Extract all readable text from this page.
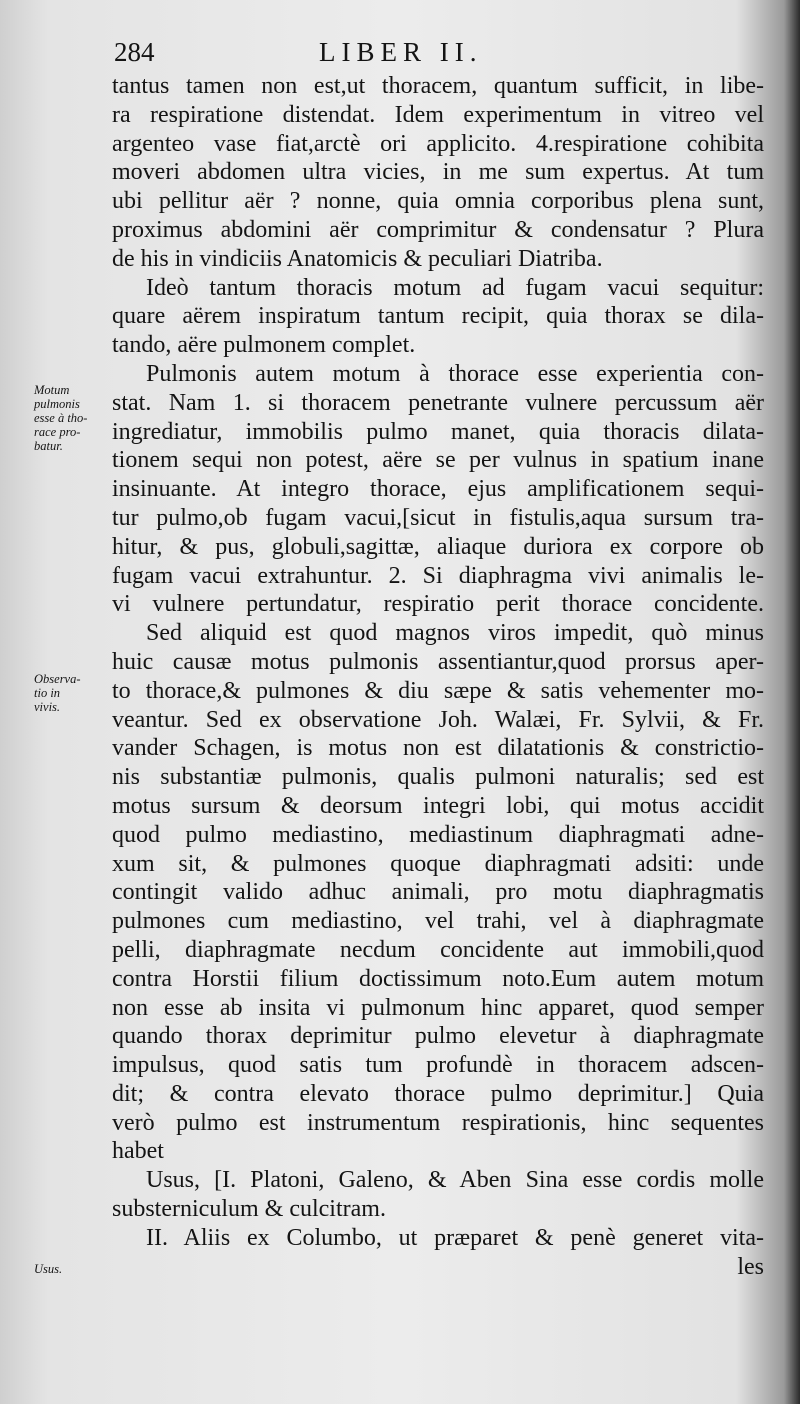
284	LIBER II.
Motum
pulmonis
esse à tho-
race pro-
batur.
Observa-
tio in
vivis.
Usus.
tantus tamen non est,ut thoracem, quantum sufficit, in libe-
ra respiratione distendat. Idem experimentum in vitreo vel
argenteo vase fiat,arctè ori applicito. 4.respiratione cohibita
moveri abdomen ultra vicies, in me sum expertus. At tum
ubi pellitur aër ? nonne, quia omnia corporibus plena sunt,
proximus abdomini aër comprimitur & condensatur ? Plura
de his in vindiciis Anatomicis & peculiari Diatriba.
Ideò tantum thoracis motum ad fugam vacui sequitur:
quare aërem inspiratum tantum recipit, quia thorax se dila-
tando, aëre pulmonem complet.
Pulmonis autem motum à thorace esse experientia con-
stat. Nam 1. si thoracem penetrante vulnere percussum aër
ingrediatur, immobilis pulmo manet, quia thoracis dilata-
tionem sequi non potest, aëre se per vulnus in spatium inane
insinuante. At integro thorace, ejus amplificationem sequi-
tur pulmo,ob fugam vacui,[sicut in fistulis,aqua sursum tra-
hitur, & pus, globuli,sagittæ, aliaque duriora ex corpore ob
fugam vacui extrahuntur. 2. Si diaphragma vivi animalis le-
vi vulnere pertundatur, respiratio perit thorace concidente.
Sed aliquid est quod magnos viros impedit, quò minus
huic causæ motus pulmonis assentiantur,quod prorsus aper-
to thorace,& pulmones & diu sæpe & satis vehementer mo-
veantur. Sed ex observatione Joh. Walæi, Fr. Sylvii, & Fr.
vander Schagen, is motus non est dilatationis & constrictio-
nis substantiæ pulmonis, qualis pulmoni naturalis; sed est
motus sursum & deorsum integri lobi, qui motus accidit
quod pulmo mediastino, mediastinum diaphragmati adne-
xum sit, & pulmones quoque diaphragmati adsiti: unde
contingit valido adhuc animali, pro motu diaphragmatis
pulmones cum mediastino, vel trahi, vel à diaphragmate
pelli, diaphragmate necdum concidente aut immobili,quod
contra Horstii filium doctissimum noto.Eum autem motum
non esse ab insita vi pulmonum hinc apparet, quod semper
quando thorax deprimitur pulmo elevetur à diaphragmate
impulsus, quod satis tum profundè in thoracem adscen-
dit; & contra elevato thorace pulmo deprimitur.] Quia
verò pulmo est instrumentum respirationis, hinc sequentes
habet
Usus, [I. Platoni, Galeno, & Aben Sina esse cordis molle
substerniculum & culcitram.
II. Aliis ex Columbo, ut præparet & penè generet vita-
les
